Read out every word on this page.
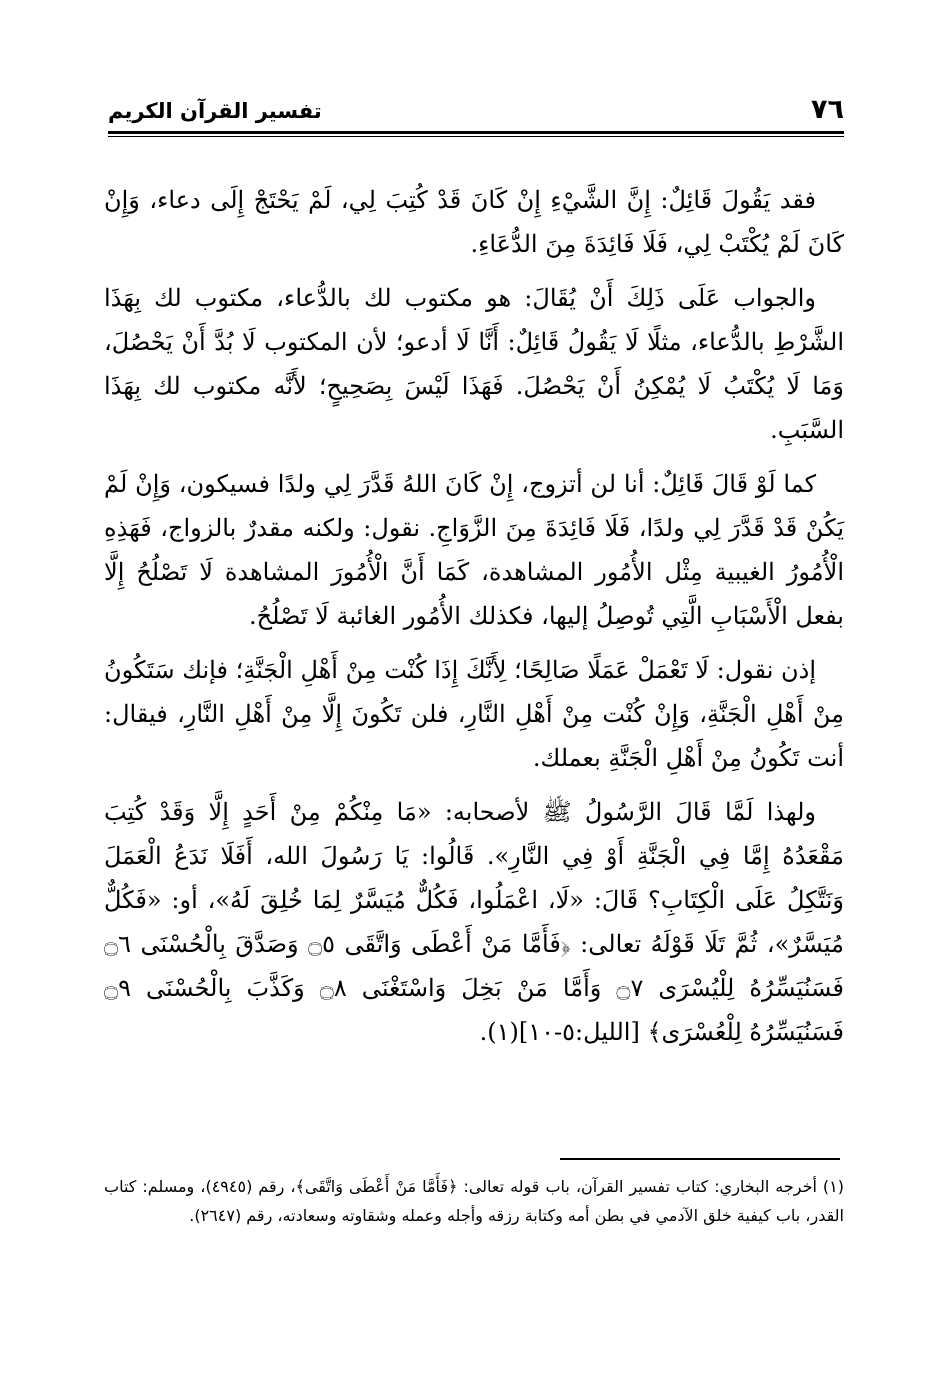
٧٦
تفسير القرآن الكريم

فقد يَقُولَ قَائِلٌ: إِنَّ الشَّيْءِ إِنْ كَانَ قَدْ كُتِبَ لِي، لَمْ يَحْتَجْ إِلَى دعاء، وَإِنْ كَانَ لَمْ يُكْتَبْ لِي، فَلَا فَائِدَةَ مِنَ الدُّعَاءِ.

والجواب عَلَى ذَلِكَ أَنْ يُقَالَ: هو مكتوب لك بالدُّعاء، مكتوب لك بِهَذَا الشَّرْطِ بالدُّعاء، مثلًا لَا يَقُولُ قَائِلٌ: أَنَّا لَا أدعو؛ لأن المكتوب لَا بُدَّ أَنْ يَحْصُلَ، وَمَا لَا يُكْتَبُ لَا يُمْكِنُ أَنْ يَحْصُلَ. فَهَذَا لَيْسَ بِصَحِيحٍ؛ لأَنَّه مكتوب لك بِهَذَا السَّبَبِ.

كما لَوْ قَالَ قَائِلٌ: أنا لن أتزوج، إِنْ كَانَ اللهُ قَدَّرَ لِي ولدًا فسيكون، وَإِنْ لَمْ يَكُنْ قَدْ قَدَّرَ لِي ولدًا، فَلَا فَائِدَةَ مِنَ الزَّوَاجِ. نقول: ولكنه مقدرٌ بالزواج، فَهَذِهِ الْأُمُورُ الغيبية مِثْل الأُمُور المشاهدة، كَمَا أَنَّ الْأُمُورَ المشاهدة لَا تَصْلُحُ إِلَّا بفعل الْأَسْبَابِ الَّتِي تُوصِلُ إليها، فكذلك الأُمُور الغائبة لَا تَصْلُحُ.

إذن نقول: لَا تَعْمَلْ عَمَلًا صَالِحًا؛ لِأَنَّكَ إِذَا كُنْت مِنْ أَهْلِ الْجَنَّةِ؛ فإنك سَتَكُونُ مِنْ أَهْلِ الْجَنَّةِ، وَإِنْ كُنْت مِنْ أَهْلِ النَّارِ، فلن تَكُونَ إِلَّا مِنْ أَهْلِ النَّارِ، فيقال: أنت تَكُونُ مِنْ أَهْلِ الْجَنَّةِ بعملك.

ولهذا لَمَّا قَالَ الرَّسُولُ ﷺ لأصحابه: «مَا مِنْكُمْ مِنْ أَحَدٍ إِلَّا وَقَدْ كُتِبَ مَقْعَدُهُ إِمَّا فِي الْجَنَّةِ أَوْ فِي النَّارِ». قَالُوا: يَا رَسُولَ الله، أَفَلَا نَدَعُ الْعَمَلَ وَنَتَّكِلُ عَلَى الْكِتَابِ؟ قَالَ: «لَا، اعْمَلُوا، فَكُلٌّ مُيَسَّرٌ لِمَا خُلِقَ لَهُ»، أو: «فَكُلٌّ مُيَسَّرٌ»، ثُمَّ تَلَا قَوْلَهُ تعالى: ﴿فَأَمَّا مَنْ أَعْطَى وَاتَّقَى ۝٥ وَصَدَّقَ بِالْحُسْنَى ۝٦ فَسَنُيَسِّرُهُ لِلْيُسْرَى ۝٧ وَأَمَّا مَنْ بَخِلَ وَاسْتَغْنَى ۝٨ وَكَذَّبَ بِالْحُسْنَى ۝٩ فَسَنُيَسِّرُهُ لِلْعُسْرَى﴾ [الليل:٥-١٠](١).

(١) أخرجه البخاري: كتاب تفسير القرآن، باب قوله تعالى: ﴿فَأَمَّا مَنْ أَعْطَى وَاتَّقَى﴾، رقم (٤٩٤٥)، ومسلم: كتاب القدر، باب كيفية خلق الآدمي في بطن أمه وكتابة رزقه وأجله وعمله وشقاوته وسعادته، رقم (٢٦٤٧).
